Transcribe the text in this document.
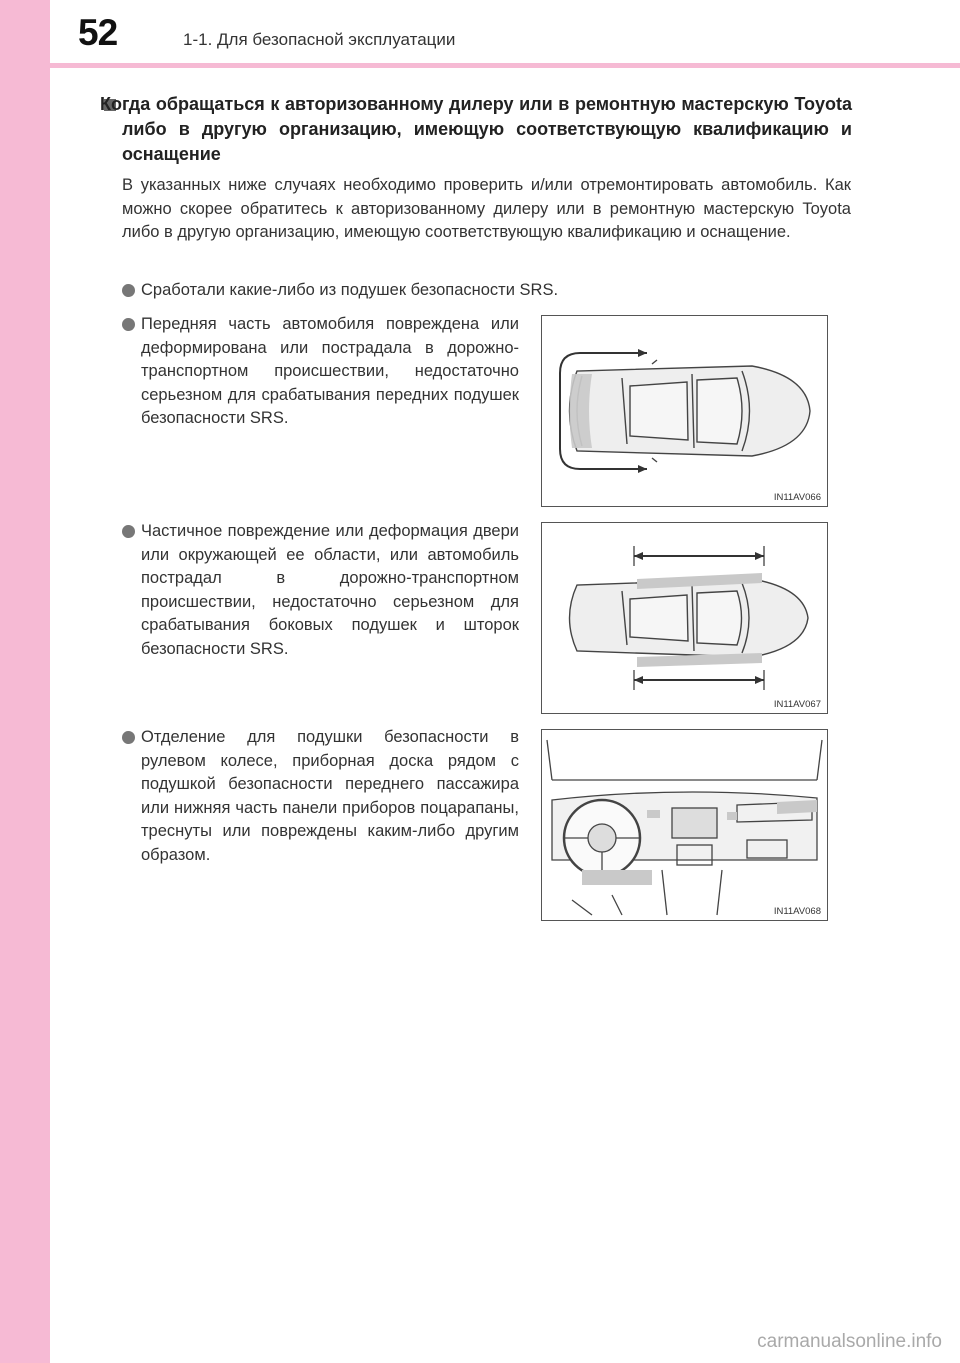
52	1-1. Для безопасной эксплуатации
Когда обращаться к авторизованному дилеру или в ремонтную мастерскую Toyota либо в другую организацию, имеющую соответствующую квалификацию и оснащение
В указанных ниже случаях необходимо проверить и/или отремонтировать автомобиль. Как можно скорее обратитесь к авторизованному дилеру или в ремонтную мастерскую Toyota либо в другую организацию, имеющую соответствующую квалификацию и оснащение.
Сработали какие-либо из подушек безопасности SRS.
Передняя часть автомобиля повреждена или деформирована или пострадала в дорожно-транспортном происшествии, недостаточно серьезном для срабатывания передних подушек безопасности SRS.
Частичное повреждение или деформация двери или окружающей ее области, или автомобиль пострадал в дорожно-транспортном происшествии, недостаточно серьезном для срабатывания боковых подушек и шторок безопасности SRS.
Отделение для подушки безопасности в рулевом колесе, приборная доска рядом с подушкой безопасности переднего пассажира или нижняя часть панели приборов поцарапаны, треснуты или повреждены каким-либо другим образом.
IN11AV066
IN11AV067
IN11AV068
carmanualsonline.info
